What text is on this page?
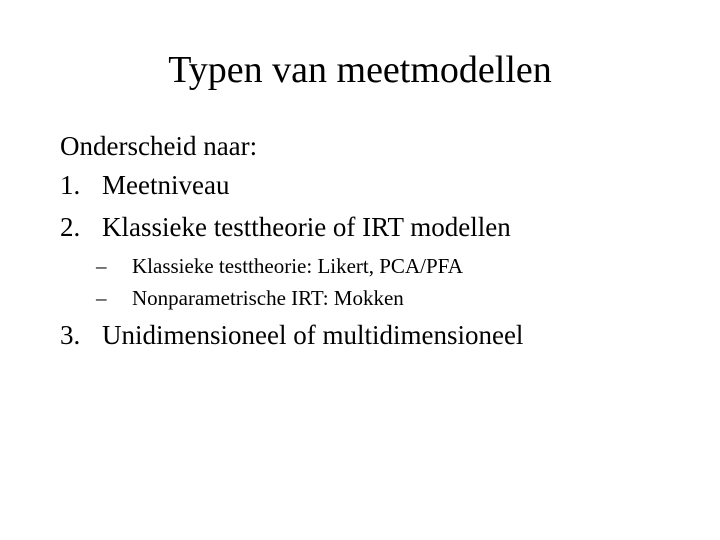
Typen van meetmodellen
Onderscheid naar:
1. Meetniveau
2. Klassieke testtheorie of IRT modellen
– Klassieke testtheorie: Likert, PCA/PFA
– Nonparametrische IRT: Mokken
3. Unidimensioneel of multidimensioneel
